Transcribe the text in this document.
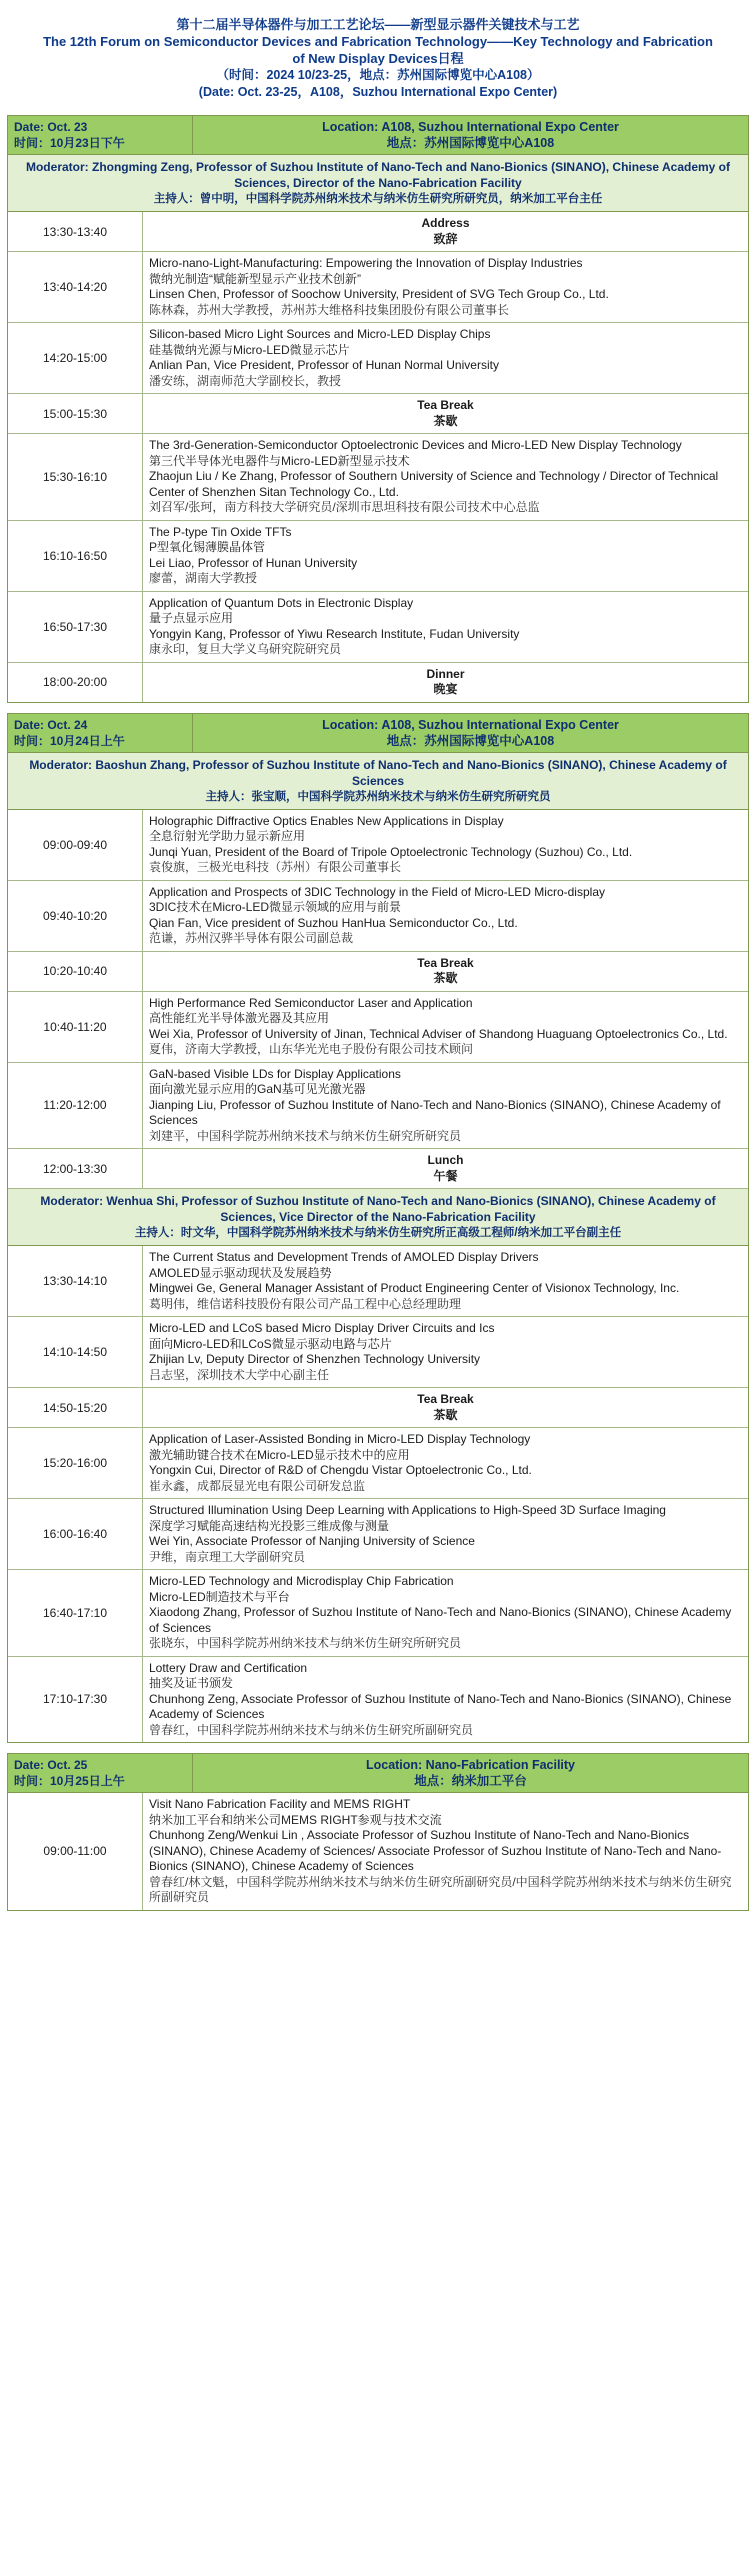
第十二届半导体器件与加工工艺论坛——新型显示器件关键技术与工艺
The 12th Forum on Semiconductor Devices and Fabrication Technology——Key Technology and Fabrication
of New Display Devices日程
（时间：2024 10/23-25，地点：苏州国际博览中心A108）
(Date: Oct. 23-25，A108，Suzhou International Expo Center)
Date: Oct. 23
时间：10月23日下午
Location: A108, Suzhou International Expo Center
地点：苏州国际博览中心A108
Moderator: Zhongming Zeng, Professor of Suzhou Institute of Nano-Tech and Nano-Bionics (SINANO), Chinese Academy of Sciences, Director of the Nano-Fabrication Facility
主持人：曾中明，中国科学院苏州纳米技术与纳米仿生研究所研究员，纳米加工平台主任
13:30-13:40
Address
致辞
13:40-14:20
Micro-nano-Light-Manufacturing: Empowering the Innovation of Display Industries
微纳光制造“赋能新型显示产业技术创新”
Linsen Chen, Professor of Soochow University, President of SVG Tech Group Co., Ltd.
陈林森，苏州大学教授，苏州苏大维格科技集团股份有限公司董事长
14:20-15:00
Silicon-based Micro Light Sources and Micro-LED Display Chips
硅基微纳光源与Micro-LED微显示芯片
Anlian Pan, Vice President, Professor of Hunan Normal University
潘安练，湖南师范大学副校长，教授
15:00-15:30
Tea Break
茶歇
15:30-16:10
The 3rd-Generation-Semiconductor Optoelectronic Devices and Micro-LED New Display Technology
第三代半导体光电器件与Micro-LED新型显示技术
Zhaojun Liu / Ke Zhang, Professor of Southern University of Science and Technology / Director of Technical Center of Shenzhen Sitan Technology Co., Ltd.
刘召军/张珂，南方科技大学研究员/深圳市思坦科技有限公司技术中心总监
16:10-16:50
The P-type Tin Oxide TFTs
P型氧化锡薄膜晶体管
Lei Liao, Professor of Hunan University
廖蕾，湖南大学教授
16:50-17:30
Application of Quantum Dots in Electronic Display
量子点显示应用
Yongyin Kang, Professor of Yiwu Research Institute, Fudan University
康永印，复旦大学义乌研究院研究员
18:00-20:00
Dinner
晚宴
Date: Oct. 24
时间：10月24日上午
Location: A108, Suzhou International Expo Center
地点：苏州国际博览中心A108
Moderator: Baoshun Zhang, Professor of Suzhou Institute of Nano-Tech and Nano-Bionics (SINANO), Chinese Academy of Sciences
主持人：张宝顺，中国科学院苏州纳米技术与纳米仿生研究所研究员
09:00-09:40
Holographic Diffractive Optics Enables New Applications in Display
全息衍射光学助力显示新应用
Junqi Yuan, President of the Board of Tripole Optoelectronic Technology (Suzhou) Co., Ltd.
袁俊旗，三极光电科技（苏州）有限公司董事长
09:40-10:20
Application and Prospects of 3DIC Technology in the Field of Micro-LED Micro-display
3DIC技术在Micro-LED微显示领域的应用与前景
Qian Fan, Vice president of Suzhou HanHua Semiconductor Co., Ltd.
范谦，苏州汉骅半导体有限公司副总裁
10:20-10:40
Tea Break
茶歇
10:40-11:20
High Performance Red Semiconductor Laser and Application
高性能红光半导体激光器及其应用
Wei Xia, Professor of University of Jinan, Technical Adviser of Shandong Huaguang Optoelectronics Co., Ltd.
夏伟，济南大学教授，山东华光光电子股份有限公司技术顾问
11:20-12:00
GaN-based Visible LDs for Display Applications
面向激光显示应用的GaN基可见光激光器
Jianping Liu, Professor of Suzhou Institute of Nano-Tech and Nano-Bionics (SINANO), Chinese Academy of Sciences
刘建平，中国科学院苏州纳米技术与纳米仿生研究所研究员
12:00-13:30
Lunch
午餐
Moderator: Wenhua Shi, Professor of Suzhou Institute of Nano-Tech and Nano-Bionics (SINANO), Chinese Academy of Sciences, Vice Director of the Nano-Fabrication Facility
主持人：时文华，中国科学院苏州纳米技术与纳米仿生研究所正高级工程师/纳米加工平台副主任
13:30-14:10
The Current Status and Development Trends of AMOLED Display Drivers
AMOLED显示驱动现状及发展趋势
Mingwei Ge, General Manager Assistant of Product Engineering Center of Visionox Technology, Inc.
葛明伟，维信诺科技股份有限公司产品工程中心总经理助理
14:10-14:50
Micro-LED and LCoS based Micro Display Driver Circuits and Ics
面向Micro-LED和LCoS微显示驱动电路与芯片
Zhijian Lv, Deputy Director of Shenzhen Technology University
吕志坚，深圳技术大学中心副主任
14:50-15:20
Tea Break
茶歇
15:20-16:00
Application of Laser-Assisted Bonding in Micro-LED Display Technology
激光辅助键合技术在Micro-LED显示技术中的应用
Yongxin Cui, Director of R&D of Chengdu Vistar Optoelectronic Co., Ltd.
崔永鑫，成都辰显光电有限公司研发总监
16:00-16:40
Structured Illumination Using Deep Learning with Applications to High-Speed 3D Surface Imaging
深度学习赋能高速结构光投影三维成像与测量
Wei Yin, Associate Professor of Nanjing University of Science
尹维，南京理工大学副研究员
16:40-17:10
Micro-LED Technology and Microdisplay Chip Fabrication
Micro-LED制造技术与平台
Xiaodong Zhang, Professor of Suzhou Institute of Nano-Tech and Nano-Bionics (SINANO), Chinese Academy of Sciences
张晓东，中国科学院苏州纳米技术与纳米仿生研究所研究员
17:10-17:30
Lottery Draw and Certification
抽奖及证书颁发
Chunhong Zeng, Associate Professor of Suzhou Institute of Nano-Tech and Nano-Bionics (SINANO), Chinese Academy of Sciences
曾春红，中国科学院苏州纳米技术与纳米仿生研究所副研究员
Date: Oct. 25
时间：10月25日上午
Location: Nano-Fabrication Facility
地点：纳米加工平台
09:00-11:00
Visit Nano Fabrication Facility and MEMS RIGHT
纳米加工平台和纳米公司MEMS RIGHT参观与技术交流
Chunhong Zeng/Wenkui Lin , Associate Professor of Suzhou Institute of Nano-Tech and Nano-Bionics (SINANO), Chinese Academy of Sciences/ Associate Professor of Suzhou Institute of Nano-Tech and Nano-Bionics (SINANO), Chinese Academy of Sciences
曾春红/林文魁，中国科学院苏州纳米技术与纳米仿生研究所副研究员/中国科学院苏州纳米技术与纳米仿生研究所副研究员
